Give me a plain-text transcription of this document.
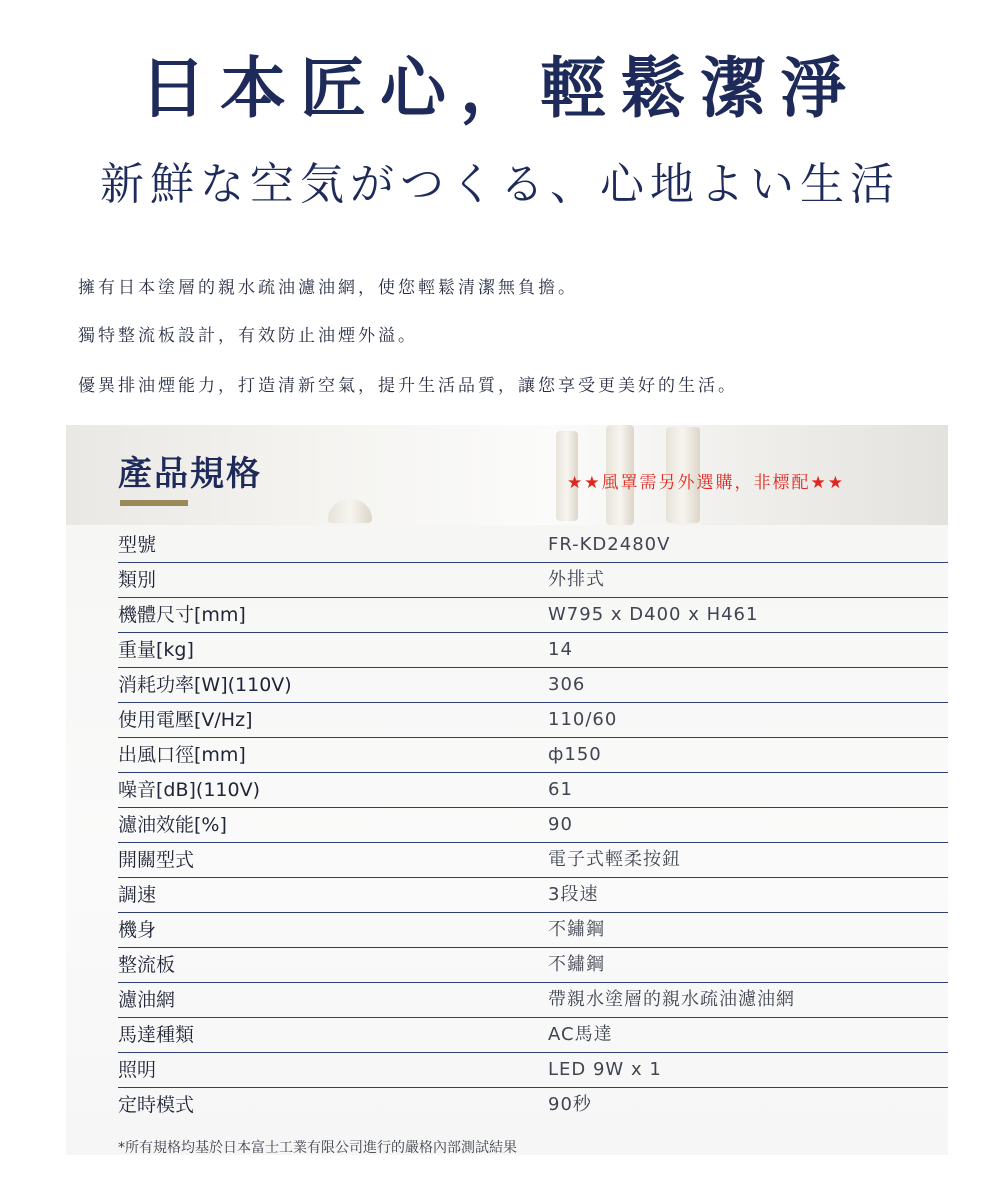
日本匠心，輕鬆潔淨
新鮮な空気がつくる、心地よい生活
擁有日本塗層的親水疏油濾油網，使您輕鬆清潔無負擔。
獨特整流板設計，有效防止油煙外溢。
優異排油煙能力，打造清新空氣，提升生活品質，讓您享受更美好的生活。
產品規格	★★風罩需另外選購，非標配★★
型號	FR-KD2480V
類別	外排式
機體尺寸[mm]	W795 x D400 x H461
重量[kg]	14
消耗功率[W](110V)	306
使用電壓[V/Hz]	110/60
出風口徑[mm]	ф150
噪音[dB](110V)	61
濾油效能[%]	90
開關型式	電子式輕柔按鈕
調速	3段速
機身	不鏽鋼
整流板	不鏽鋼
濾油網	帶親水塗層的親水疏油濾油網
馬達種類	AC馬達
照明	LED 9W x 1
定時模式	90秒
*所有規格均基於日本富士工業有限公司進行的嚴格內部測試結果
